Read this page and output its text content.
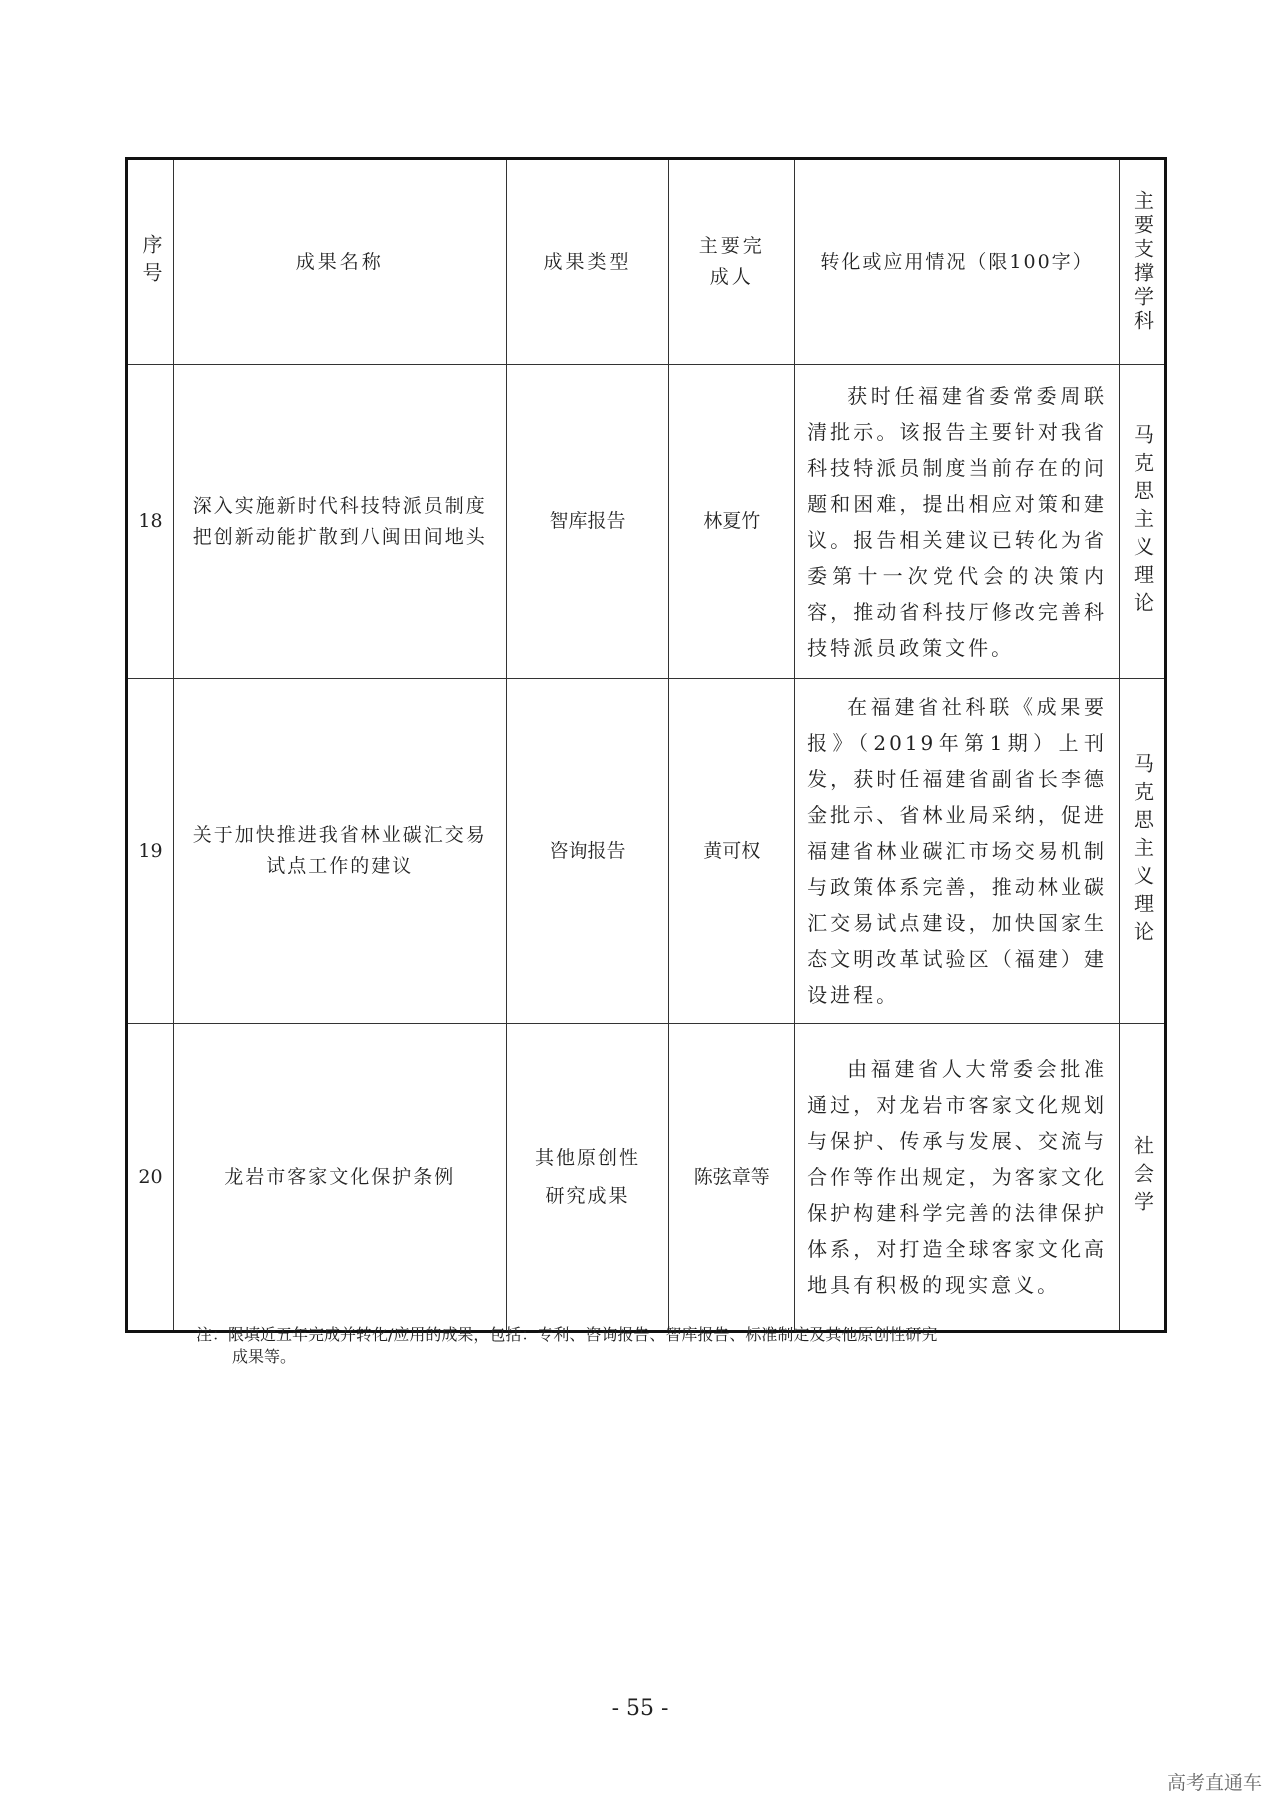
序号	成果名称	成果类型	主要完成人	转化或应用情况（限100字）	主要支撑学科

18	深入实施新时代科技特派员制度把创新动能扩散到八闽田间地头	智库报告	林夏竹	获时任福建省委常委周联清批示。该报告主要针对我省科技特派员制度当前存在的问题和困难，提出相应对策和建议。报告相关建议已转化为省委第十一次党代会的决策内容，推动省科技厅修改完善科技特派员政策文件。	马克思主义理论

19	关于加快推进我省林业碳汇交易试点工作的建议	咨询报告	黄可权	在福建省社科联《成果要报》（2019年第1期）上刊发，获时任福建省副省长李德金批示、省林业局采纳，促进福建省林业碳汇市场交易机制与政策体系完善，推动林业碳汇交易试点建设，加快国家生态文明改革试验区（福建）建设进程。	马克思主义理论

20	龙岩市客家文化保护条例	其他原创性研究成果	陈弦章等	由福建省人大常委会批准通过，对龙岩市客家文化规划与保护、传承与发展、交流与合作等作出规定，为客家文化保护构建科学完善的法律保护体系，对打造全球客家文化高地具有积极的现实意义。	社会学
注：限填近五年完成并转化/应用的成果，包括：专利、咨询报告、智库报告、标准制定及其他原创性研究
成果等。
- 55 -
高考直通车
